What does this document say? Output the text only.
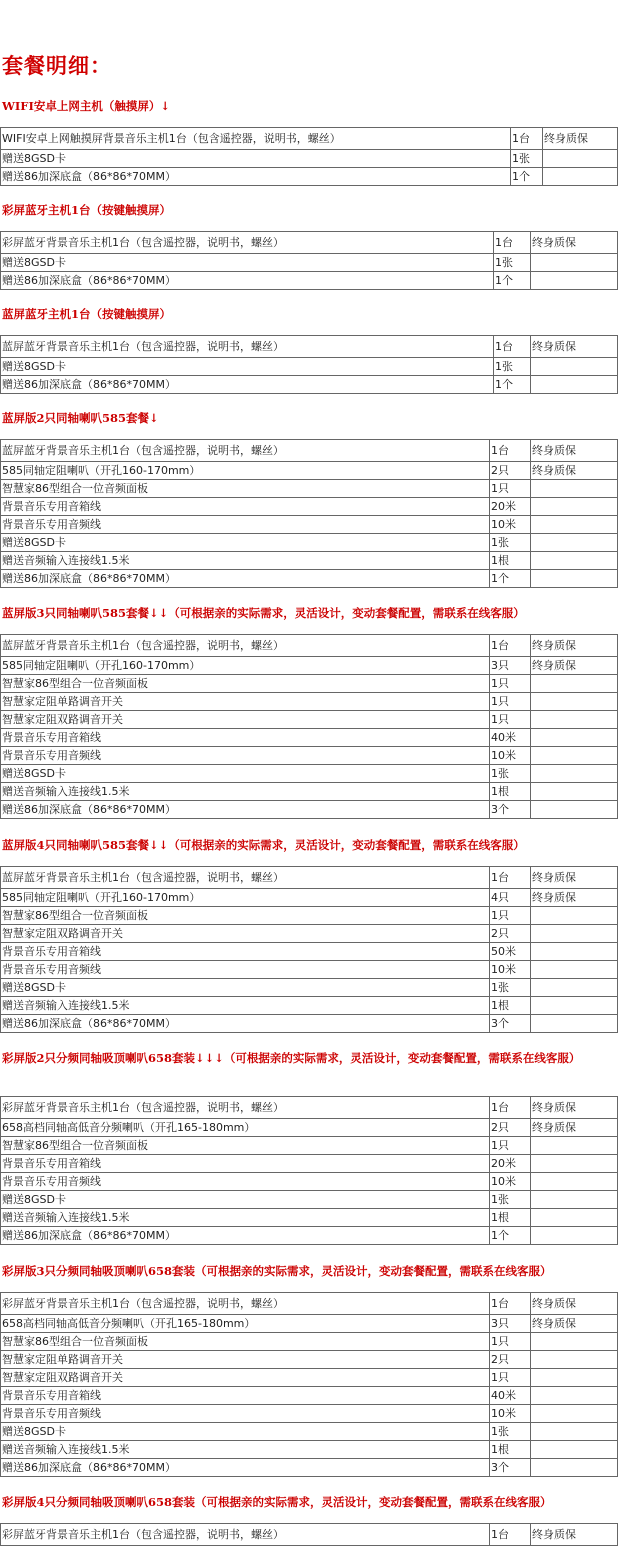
套餐明细：
WIFI安卓上网主机（触摸屏）↓
WIFI安卓上网触摸屏背景音乐主机1台（包含遥控器，说明书，螺丝）	1台	终身质保
赠送8GSD卡	1张	
赠送86加深底盒（86*86*70MM）	1个	
彩屏蓝牙主机1台（按键触摸屏）
彩屏蓝牙背景音乐主机1台（包含遥控器，说明书，螺丝）	1台	终身质保
赠送8GSD卡	1张	
赠送86加深底盒（86*86*70MM）	1个	
蓝屏蓝牙主机1台（按键触摸屏）
蓝屏蓝牙背景音乐主机1台（包含遥控器，说明书，螺丝）	1台	终身质保
赠送8GSD卡	1张	
赠送86加深底盒（86*86*70MM）	1个	
蓝屏版2只同轴喇叭585套餐↓
蓝屏蓝牙背景音乐主机1台（包含遥控器，说明书，螺丝）	1台	终身质保
585同轴定阻喇叭（开孔160-170mm）	2只	终身质保
智慧家86型组合一位音频面板	1只	
背景音乐专用音箱线	20米	
背景音乐专用音频线	10米	
赠送8GSD卡	1张	
赠送音频输入连接线1.5米	1根	
赠送86加深底盒（86*86*70MM）	1个	
蓝屏版3只同轴喇叭585套餐↓↓（可根据亲的实际需求，灵活设计，变动套餐配置，需联系在线客服）
蓝屏蓝牙背景音乐主机1台（包含遥控器，说明书，螺丝）	1台	终身质保
585同轴定阻喇叭（开孔160-170mm）	3只	终身质保
智慧家86型组合一位音频面板	1只	
智慧家定阻单路调音开关	1只	
智慧家定阻双路调音开关	1只	
背景音乐专用音箱线	40米	
背景音乐专用音频线	10米	
赠送8GSD卡	1张	
赠送音频输入连接线1.5米	1根	
赠送86加深底盒（86*86*70MM）	3个	
蓝屏版4只同轴喇叭585套餐↓↓（可根据亲的实际需求，灵活设计，变动套餐配置，需联系在线客服）
蓝屏蓝牙背景音乐主机1台（包含遥控器，说明书，螺丝）	1台	终身质保
585同轴定阻喇叭（开孔160-170mm）	4只	终身质保
智慧家86型组合一位音频面板	1只	
智慧家定阻双路调音开关	2只	
背景音乐专用音箱线	50米	
背景音乐专用音频线	10米	
赠送8GSD卡	1张	
赠送音频输入连接线1.5米	1根	
赠送86加深底盒（86*86*70MM）	3个	
彩屏版2只分频同轴吸顶喇叭658套装↓↓↓（可根据亲的实际需求，灵活设计，变动套餐配置，需联系在线客服）
彩屏蓝牙背景音乐主机1台（包含遥控器，说明书，螺丝）	1台	终身质保
658高档同轴高低音分频喇叭（开孔165-180mm）	2只	终身质保
智慧家86型组合一位音频面板	1只	
背景音乐专用音箱线	20米	
背景音乐专用音频线	10米	
赠送8GSD卡	1张	
赠送音频输入连接线1.5米	1根	
赠送86加深底盒（86*86*70MM）	1个	
彩屏版3只分频同轴吸顶喇叭658套装（可根据亲的实际需求，灵活设计，变动套餐配置，需联系在线客服）
彩屏蓝牙背景音乐主机1台（包含遥控器，说明书，螺丝）	1台	终身质保
658高档同轴高低音分频喇叭（开孔165-180mm）	3只	终身质保
智慧家86型组合一位音频面板	1只	
智慧家定阻单路调音开关	2只	
智慧家定阻双路调音开关	1只	
背景音乐专用音箱线	40米	
背景音乐专用音频线	10米	
赠送8GSD卡	1张	
赠送音频输入连接线1.5米	1根	
赠送86加深底盒（86*86*70MM）	3个	
彩屏版4只分频同轴吸顶喇叭658套装（可根据亲的实际需求，灵活设计，变动套餐配置，需联系在线客服）
彩屏蓝牙背景音乐主机1台（包含遥控器，说明书，螺丝）	1台	终身质保
